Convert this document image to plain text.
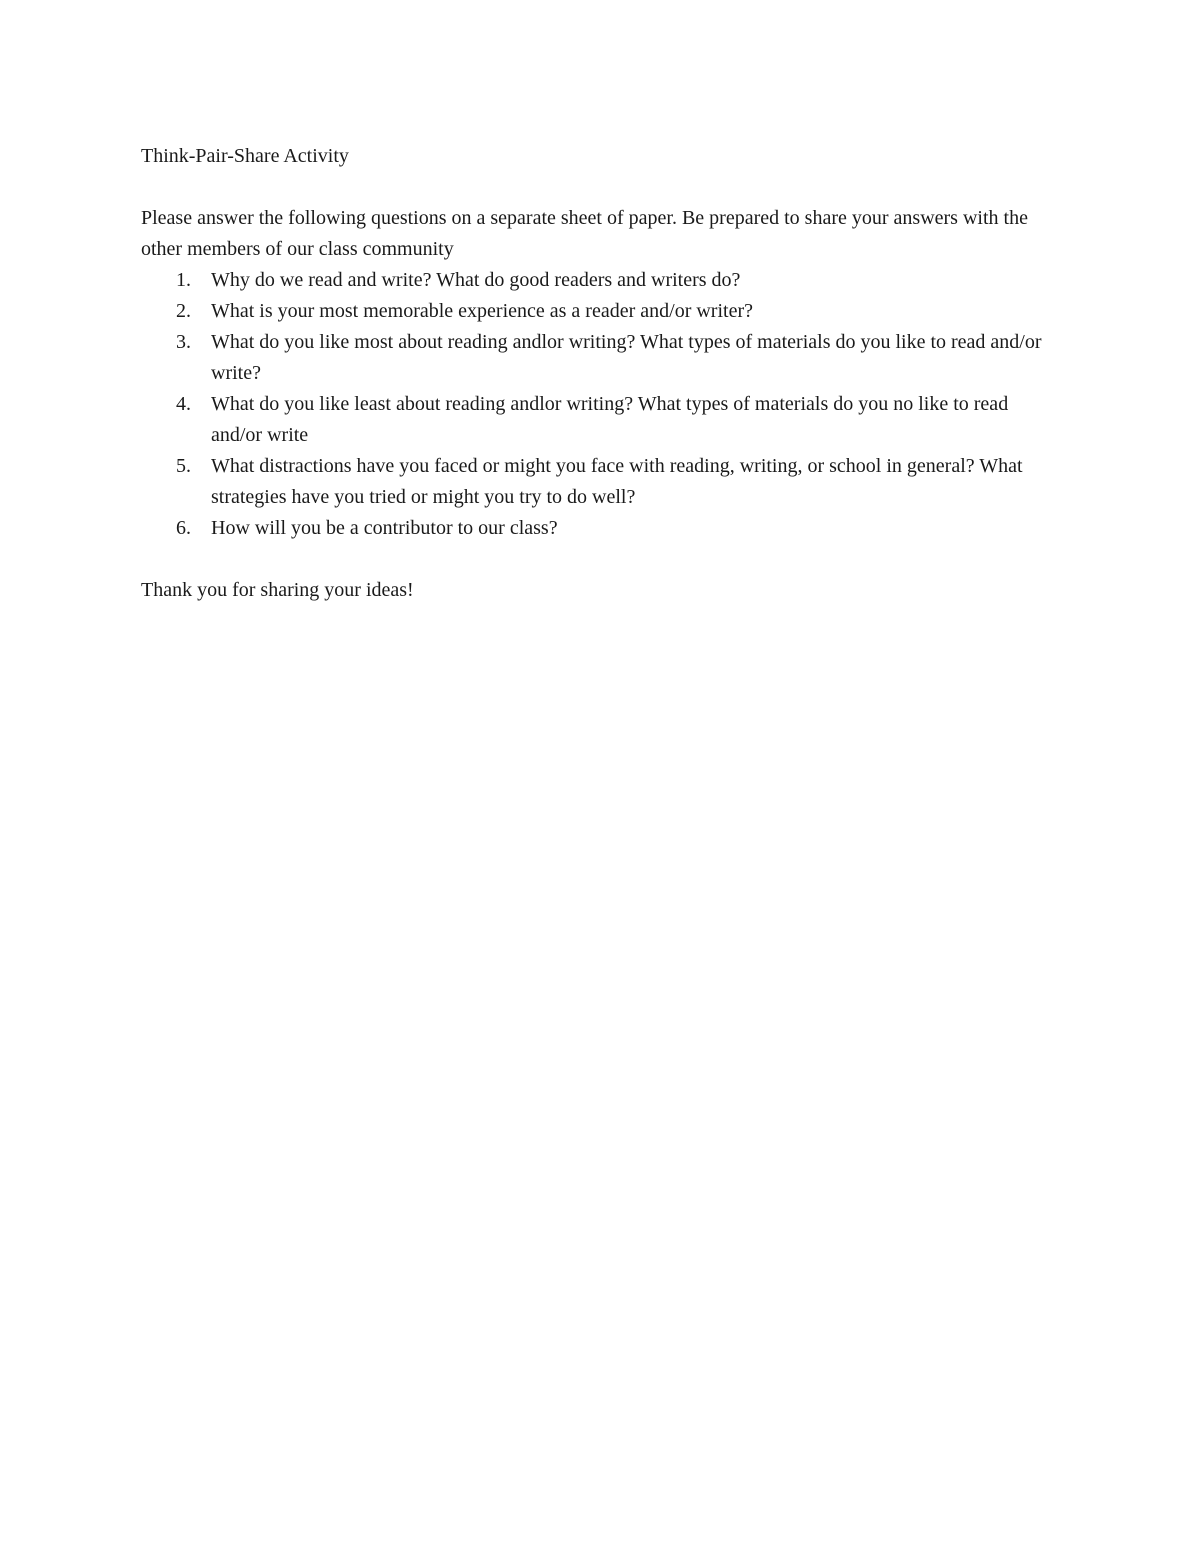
Think-Pair-Share Activity

Please answer the following questions on a separate sheet of paper. Be prepared to share your answers with the other members of our class community

1. Why do we read and write? What do good readers and writers do?
2. What is your most memorable experience as a reader and/or writer?
3. What do you like most about reading andlor writing? What types of materials do you like to read and/or write?
4. What do you like least about reading andlor writing? What types of materials do you no like to read and/or write
5. What distractions have you faced or might you face with reading, writing, or school in general? What strategies have you tried or might you try to do well?
6. How will you be a contributor to our class?

Thank you for sharing your ideas!
